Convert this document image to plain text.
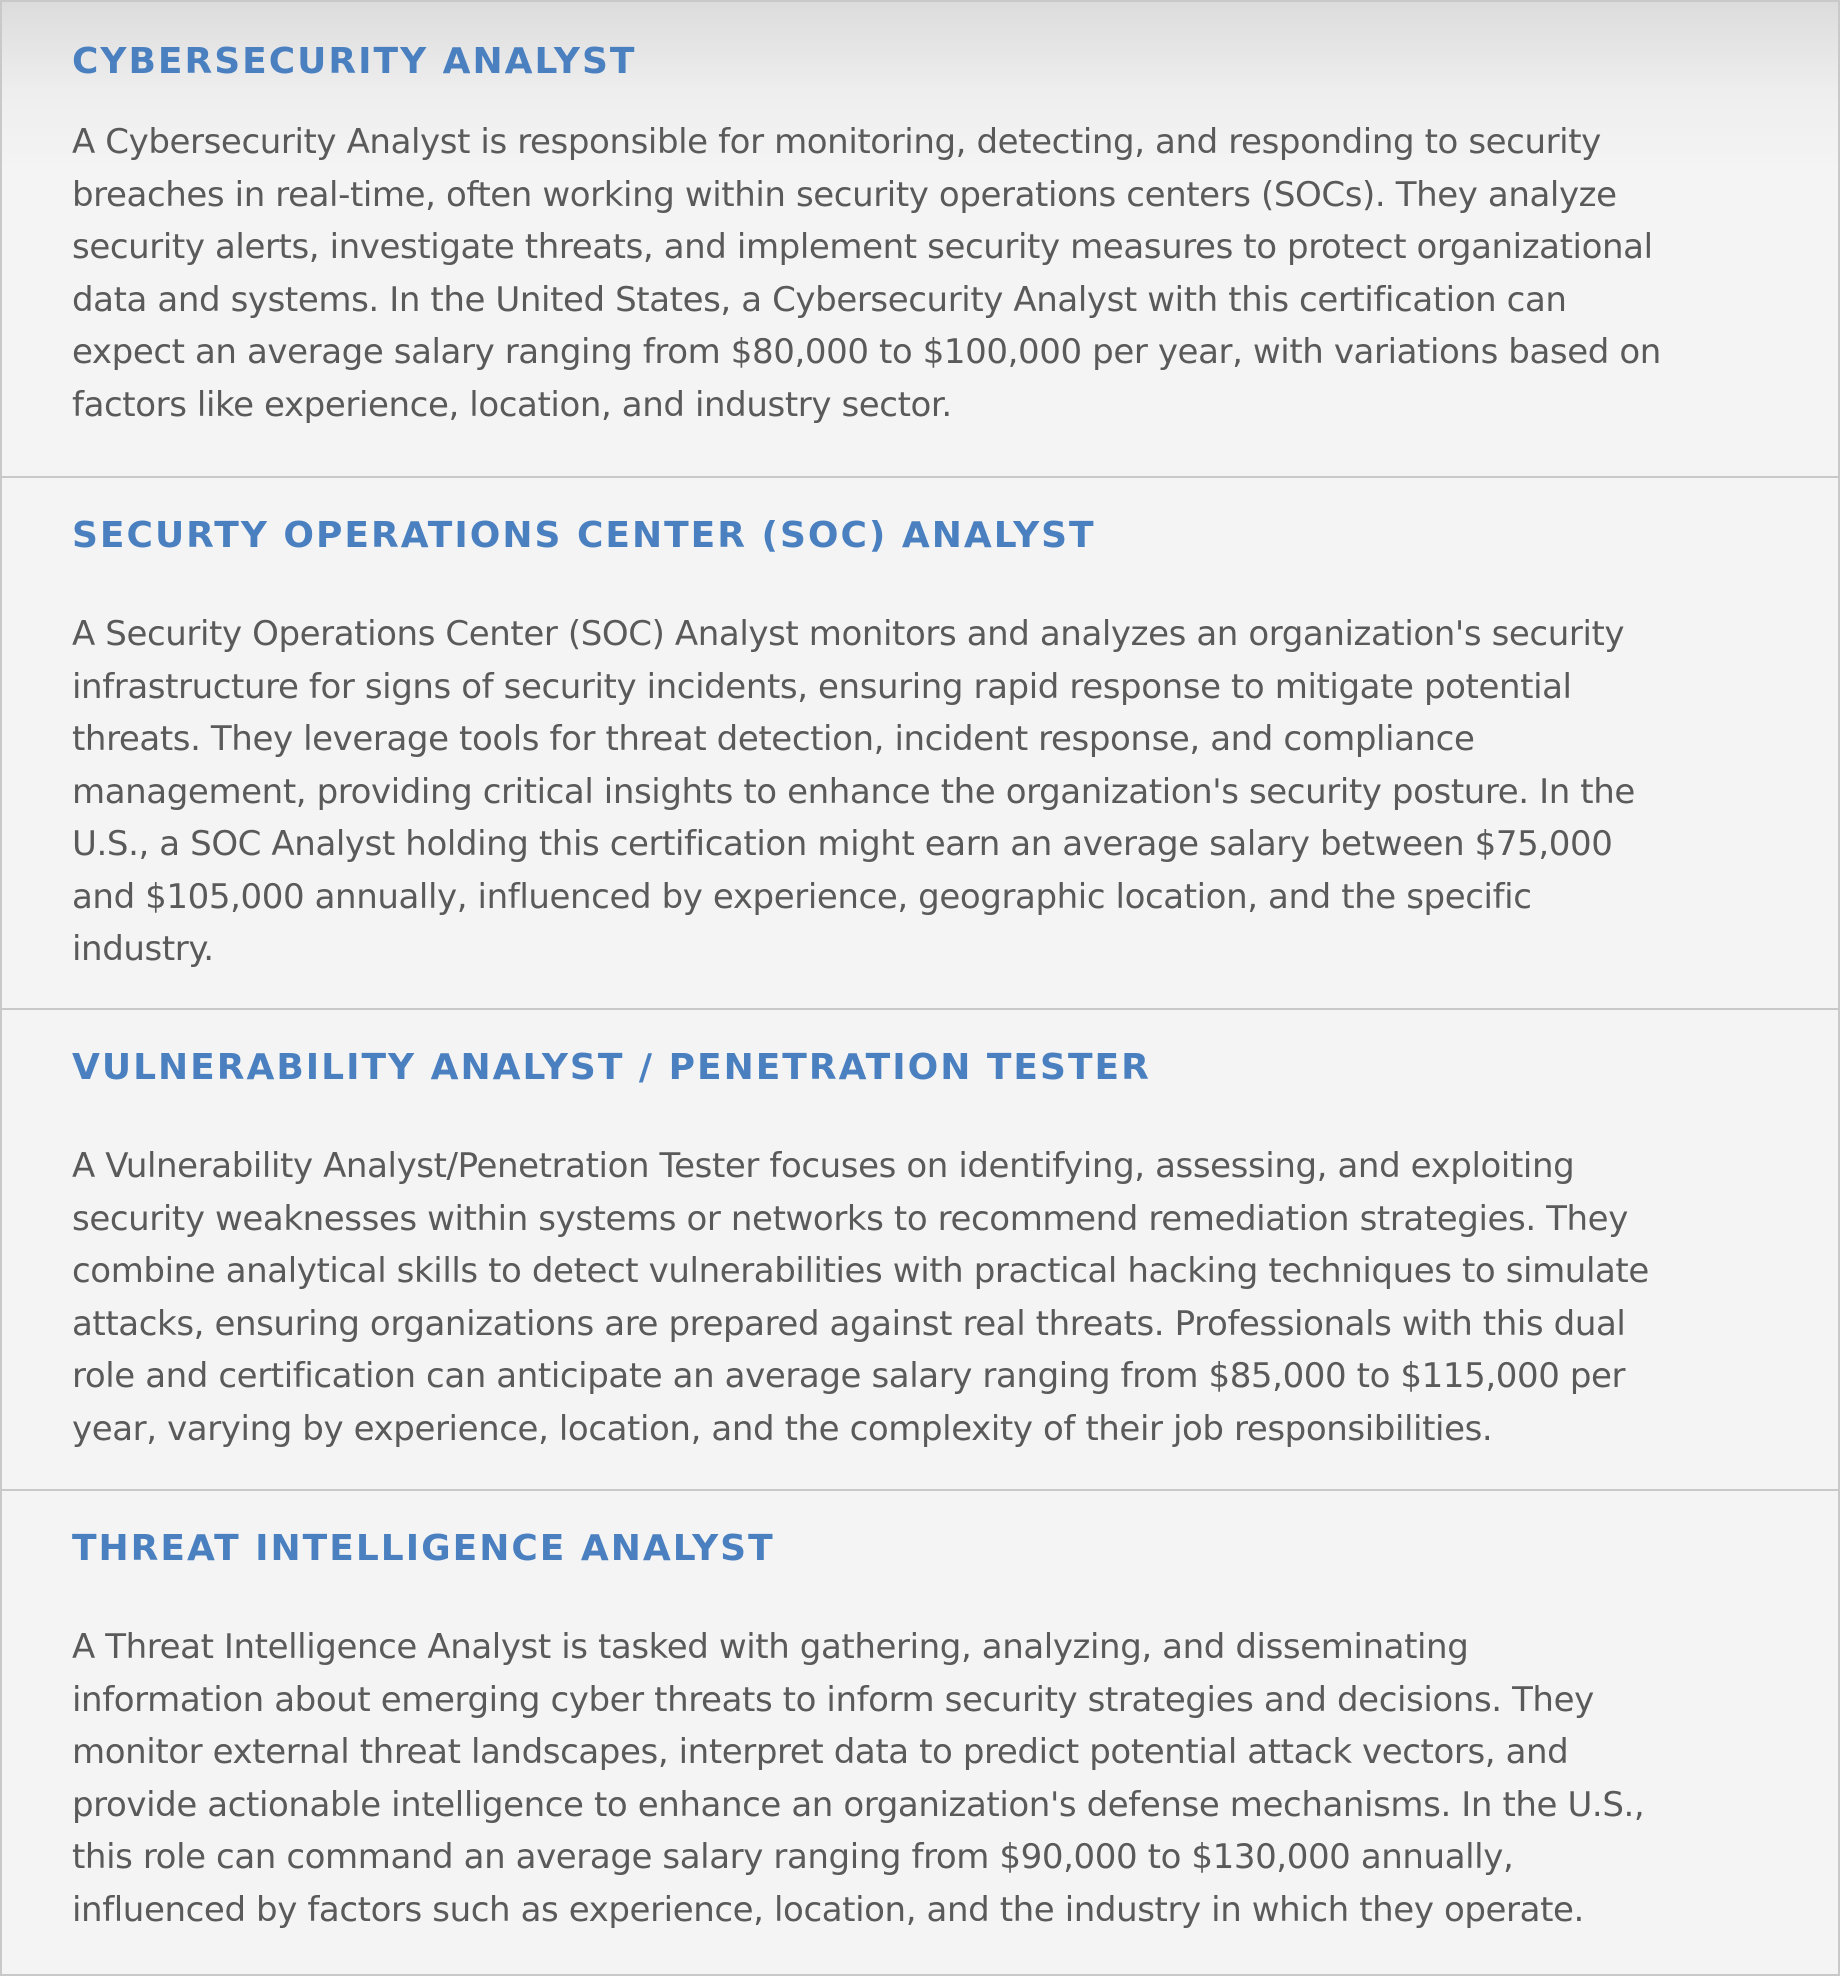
CYBERSECURITY ANALYST

A Cybersecurity Analyst is responsible for monitoring, detecting, and responding to security
breaches in real-time, often working within security operations centers (SOCs). They analyze
security alerts, investigate threats, and implement security measures to protect organizational
data and systems. In the United States, a Cybersecurity Analyst with this certification can
expect an average salary ranging from $80,000 to $100,000 per year, with variations based on
factors like experience, location, and industry sector.

SECURTY OPERATIONS CENTER (SOC) ANALYST

A Security Operations Center (SOC) Analyst monitors and analyzes an organization's security
infrastructure for signs of security incidents, ensuring rapid response to mitigate potential
threats. They leverage tools for threat detection, incident response, and compliance
management, providing critical insights to enhance the organization's security posture. In the
U.S., a SOC Analyst holding this certification might earn an average salary between $75,000
and $105,000 annually, influenced by experience, geographic location, and the specific
industry.

VULNERABILITY ANALYST / PENETRATION TESTER

A Vulnerability Analyst/Penetration Tester focuses on identifying, assessing, and exploiting
security weaknesses within systems or networks to recommend remediation strategies. They
combine analytical skills to detect vulnerabilities with practical hacking techniques to simulate
attacks, ensuring organizations are prepared against real threats. Professionals with this dual
role and certification can anticipate an average salary ranging from $85,000 to $115,000 per
year, varying by experience, location, and the complexity of their job responsibilities.

THREAT INTELLIGENCE ANALYST

A Threat Intelligence Analyst is tasked with gathering, analyzing, and disseminating
information about emerging cyber threats to inform security strategies and decisions. They
monitor external threat landscapes, interpret data to predict potential attack vectors, and
provide actionable intelligence to enhance an organization's defense mechanisms. In the U.S.,
this role can command an average salary ranging from $90,000 to $130,000 annually,
influenced by factors such as experience, location, and the industry in which they operate.
